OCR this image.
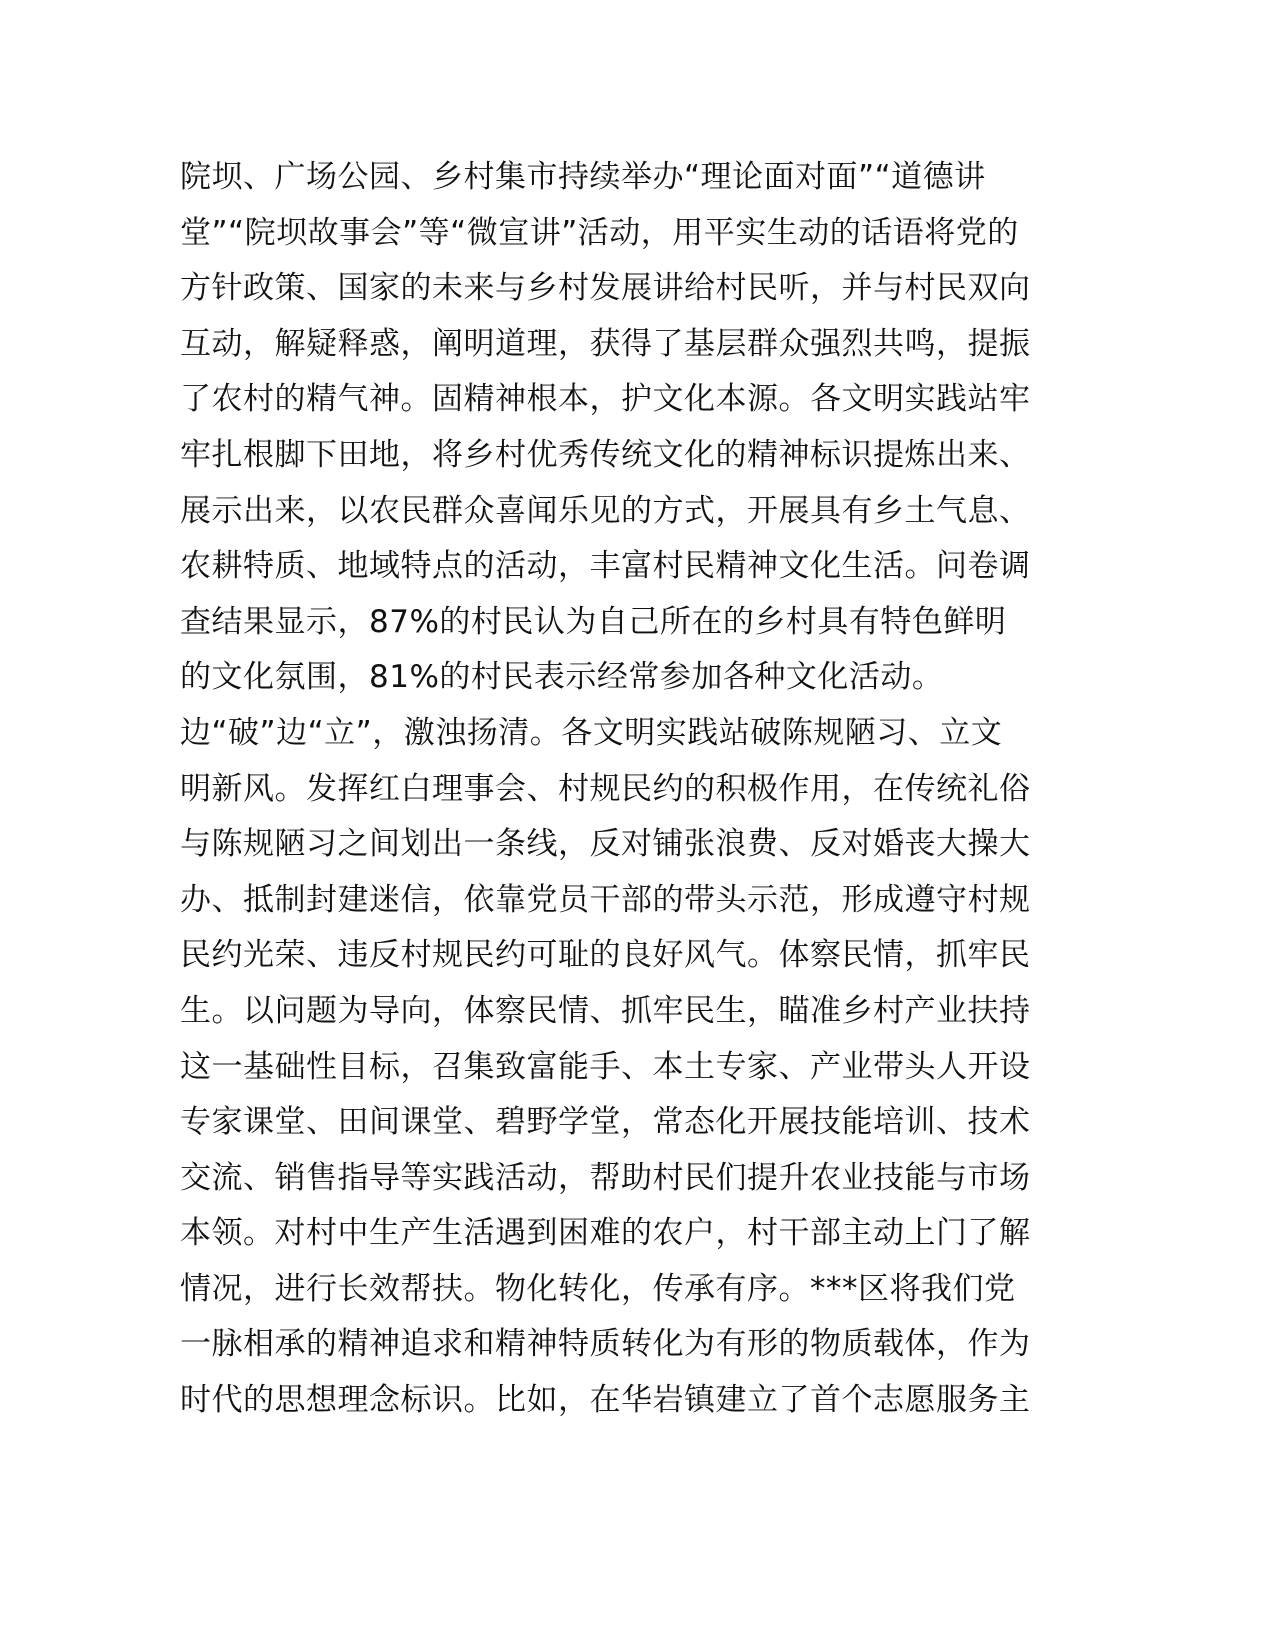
院坝、广场公园、乡村集市持续举办“理论面对面”“道德讲
堂”“院坝故事会”等“微宣讲”活动，用平实生动的话语将党的
方针政策、国家的未来与乡村发展讲给村民听，并与村民双向
互动，解疑释惑，阐明道理，获得了基层群众强烈共鸣，提振
了农村的精气神。固精神根本，护文化本源。各文明实践站牢
牢扎根脚下田地，将乡村优秀传统文化的精神标识提炼出来、
展示出来，以农民群众喜闻乐见的方式，开展具有乡土气息、
农耕特质、地域特点的活动，丰富村民精神文化生活。问卷调
查结果显示，87%的村民认为自己所在的乡村具有特色鲜明
的文化氛围，81%的村民表示经常参加各种文化活动。
边“破”边“立”，激浊扬清。各文明实践站破陈规陋习、立文
明新风。发挥红白理事会、村规民约的积极作用，在传统礼俗
与陈规陋习之间划出一条线，反对铺张浪费、反对婚丧大操大
办、抵制封建迷信，依靠党员干部的带头示范，形成遵守村规
民约光荣、违反村规民约可耻的良好风气。体察民情，抓牢民
生。以问题为导向，体察民情、抓牢民生，瞄准乡村产业扶持
这一基础性目标，召集致富能手、本土专家、产业带头人开设
专家课堂、田间课堂、碧野学堂，常态化开展技能培训、技术
交流、销售指导等实践活动，帮助村民们提升农业技能与市场
本领。对村中生产生活遇到困难的农户，村干部主动上门了解
情况，进行长效帮扶。物化转化，传承有序。***区将我们党
一脉相承的精神追求和精神特质转化为有形的物质载体，作为
时代的思想理念标识。比如，在华岩镇建立了首个志愿服务主
